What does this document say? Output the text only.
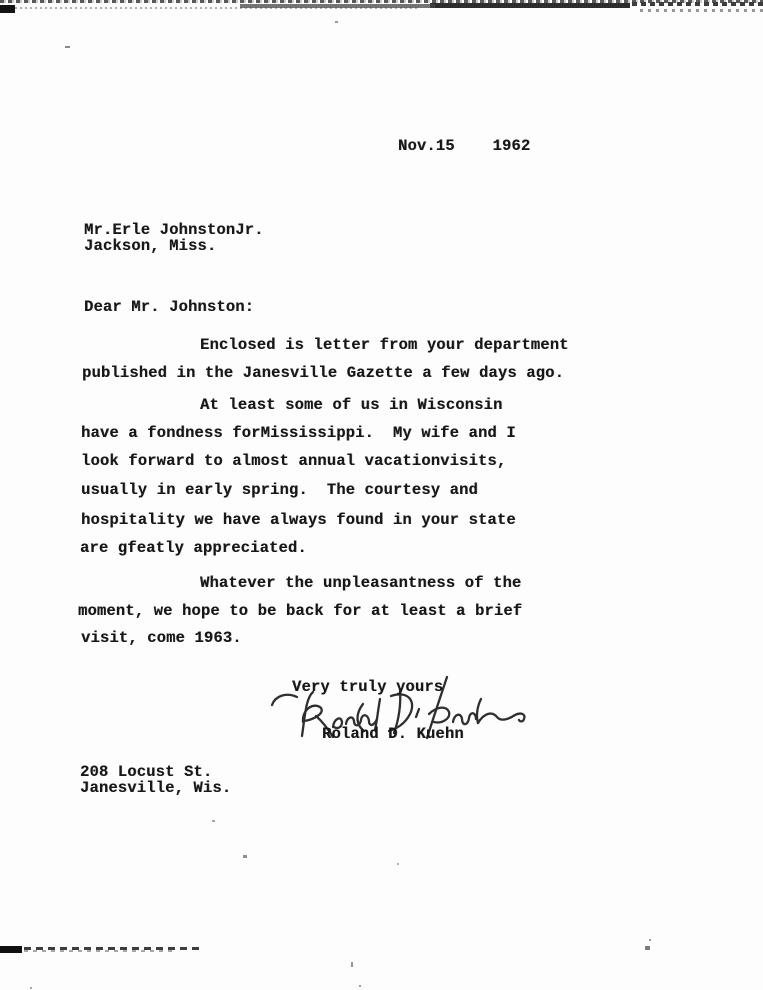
Nov.15    1962
Mr.Erle JohnstonJr.
Jackson, Miss.
Dear Mr. Johnston:
Enclosed is letter from your department
published in the Janesville Gazette a few days ago.
At least some of us in Wisconsin
have a fondness forMississippi.  My wife and I
look forward to almost annual vacationvisits,
usually in early spring.  The courtesy and
hospitality we have always found in your state
are gfeatly appreciated.
Whatever the unpleasantness of the
moment, we hope to be back for at least a brief
visit, come 1963.
Very truly yours
Roland D. Kuehn
208 Locust St.
Janesville, Wis.
